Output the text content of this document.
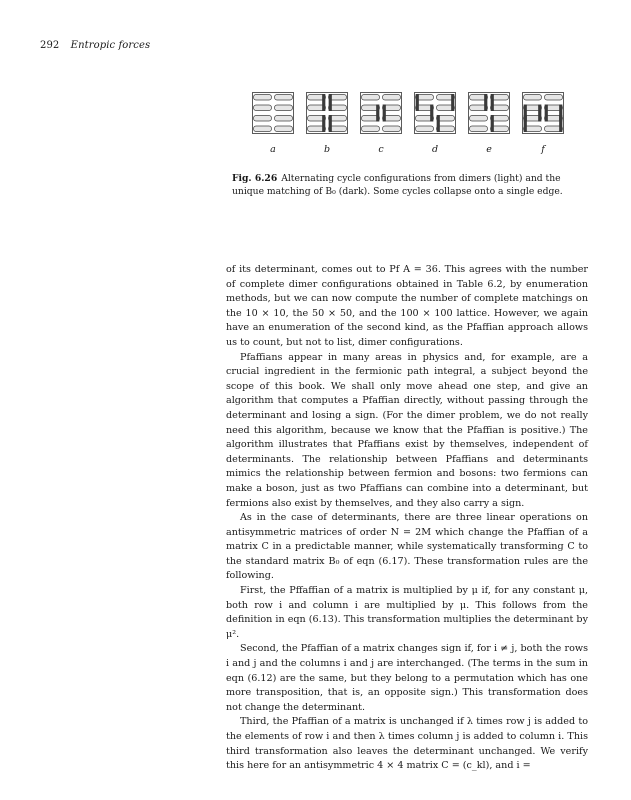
292 Entropic forces
a	b	c	d	e	f
Fig. 6.26 Alternating cycle configurations from dimers (light) and the unique matching of B₀ (dark). Some cycles collapse onto a single edge.

of its determinant, comes out to Pf A = 36. This agrees with the number of complete dimer configurations obtained in Table 6.2, by enumeration methods, but we can now compute the number of complete matchings on the 10 × 10, the 50 × 50, and the 100 × 100 lattice. However, we again have an enumeration of the second kind, as the Pfaffian approach allows us to count, but not to list, dimer configurations.

Pfaffians appear in many areas in physics and, for example, are a crucial ingredient in the fermionic path integral, a subject beyond the scope of this book. We shall only move ahead one step, and give an algorithm that computes a Pfaffian directly, without passing through the determinant and losing a sign. (For the dimer problem, we do not really need this algorithm, because we know that the Pfaffian is positive.) The algorithm illustrates that Pfaffians exist by themselves, independent of determinants. The relationship between Pfaffians and determinants mimics the relationship between fermion and bosons: two fermions can make a boson, just as two Pfaffians can combine into a determinant, but fermions also exist by themselves, and they also carry a sign.

As in the case of determinants, there are three linear operations on antisymmetric matrices of order N = 2M which change the Pfaffian of a matrix C in a predictable manner, while systematically transforming C to the standard matrix B₀ of eqn (6.17). These transformation rules are the following.

First, the Pffaffian of a matrix is multiplied by μ if, for any constant μ, both row i and column i are multiplied by μ. This follows from the definition in eqn (6.13). This transformation multiplies the determinant by μ².

Second, the Pfaffian of a matrix changes sign if, for i ≠ j, both the rows i and j and the columns i and j are interchanged. (The terms in the sum in eqn (6.12) are the same, but they belong to a permutation which has one more transposition, that is, an opposite sign.) This transformation does not change the determinant.

Third, the Pfaffian of a matrix is unchanged if λ times row j is added to the elements of row i and then λ times column j is added to column i. This third transformation also leaves the determinant unchanged. We verify this here for an antisymmetric 4 × 4 matrix C = (c_kl), and i =
